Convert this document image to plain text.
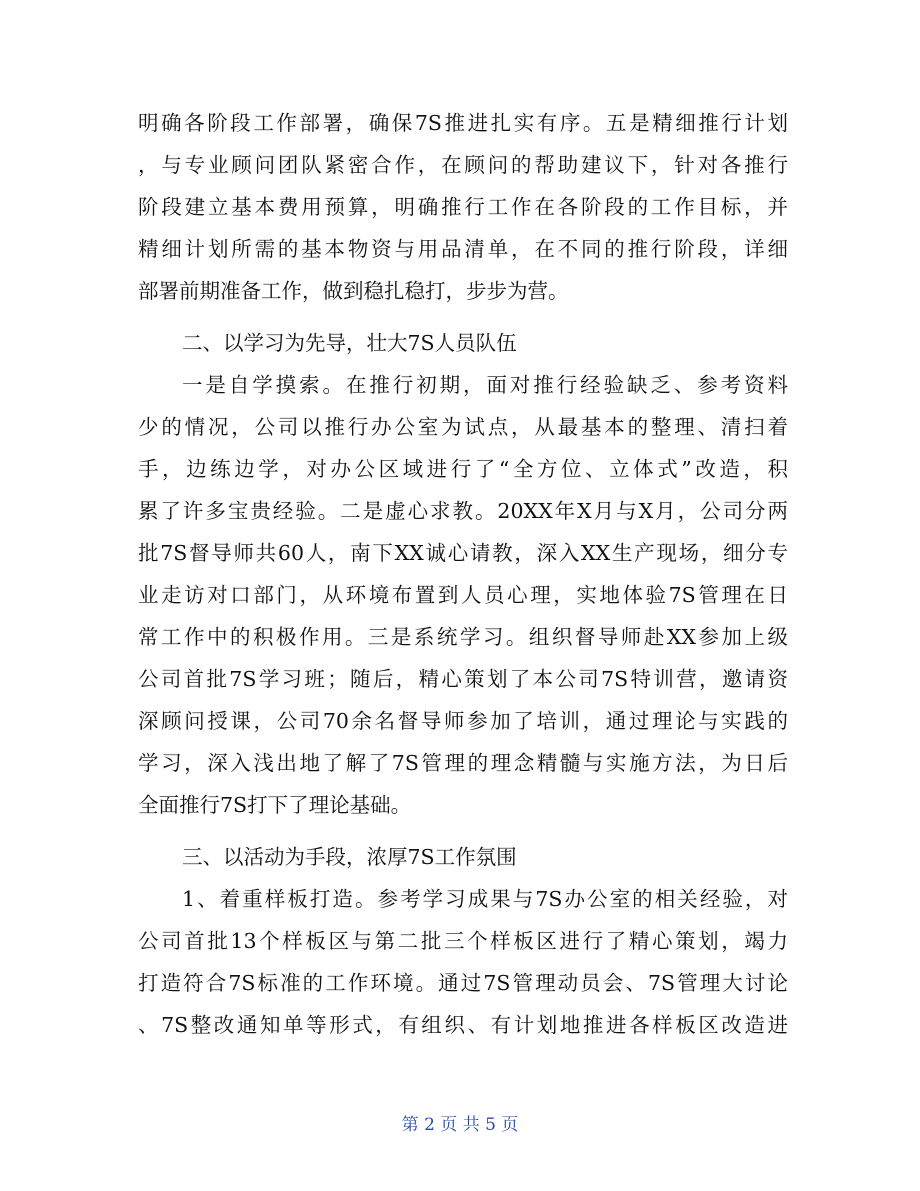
明确各阶段工作部署，确保7S推进扎实有序。五是精细推行计划
，与专业顾问团队紧密合作，在顾问的帮助建议下，针对各推行
阶段建立基本费用预算，明确推行工作在各阶段的工作目标，并
精细计划所需的基本物资与用品清单，在不同的推行阶段，详细
部署前期准备工作，做到稳扎稳打，步步为营。
二、以学习为先导，壮大7S人员队伍
一是自学摸索。在推行初期，面对推行经验缺乏、参考资料
少的情况，公司以推行办公室为试点，从最基本的整理、清扫着
手，边练边学，对办公区域进行了“全方位、立体式”改造，积
累了许多宝贵经验。二是虚心求教。20XX年X月与X月，公司分两
批7S督导师共60人，南下XX诚心请教，深入XX生产现场，细分专
业走访对口部门，从环境布置到人员心理，实地体验7S管理在日
常工作中的积极作用。三是系统学习。组织督导师赴XX参加上级
公司首批7S学习班；随后，精心策划了本公司7S特训营，邀请资
深顾问授课，公司70余名督导师参加了培训，通过理论与实践的
学习，深入浅出地了解了7S管理的理念精髓与实施方法，为日后
全面推行7S打下了理论基础。
三、以活动为手段，浓厚7S工作氛围
1、着重样板打造。参考学习成果与7S办公室的相关经验，对
公司首批13个样板区与第二批三个样板区进行了精心策划，竭力
打造符合7S标准的工作环境。通过7S管理动员会、7S管理大讨论
、7S整改通知单等形式，有组织、有计划地推进各样板区改造进
第 2 页 共 5 页
